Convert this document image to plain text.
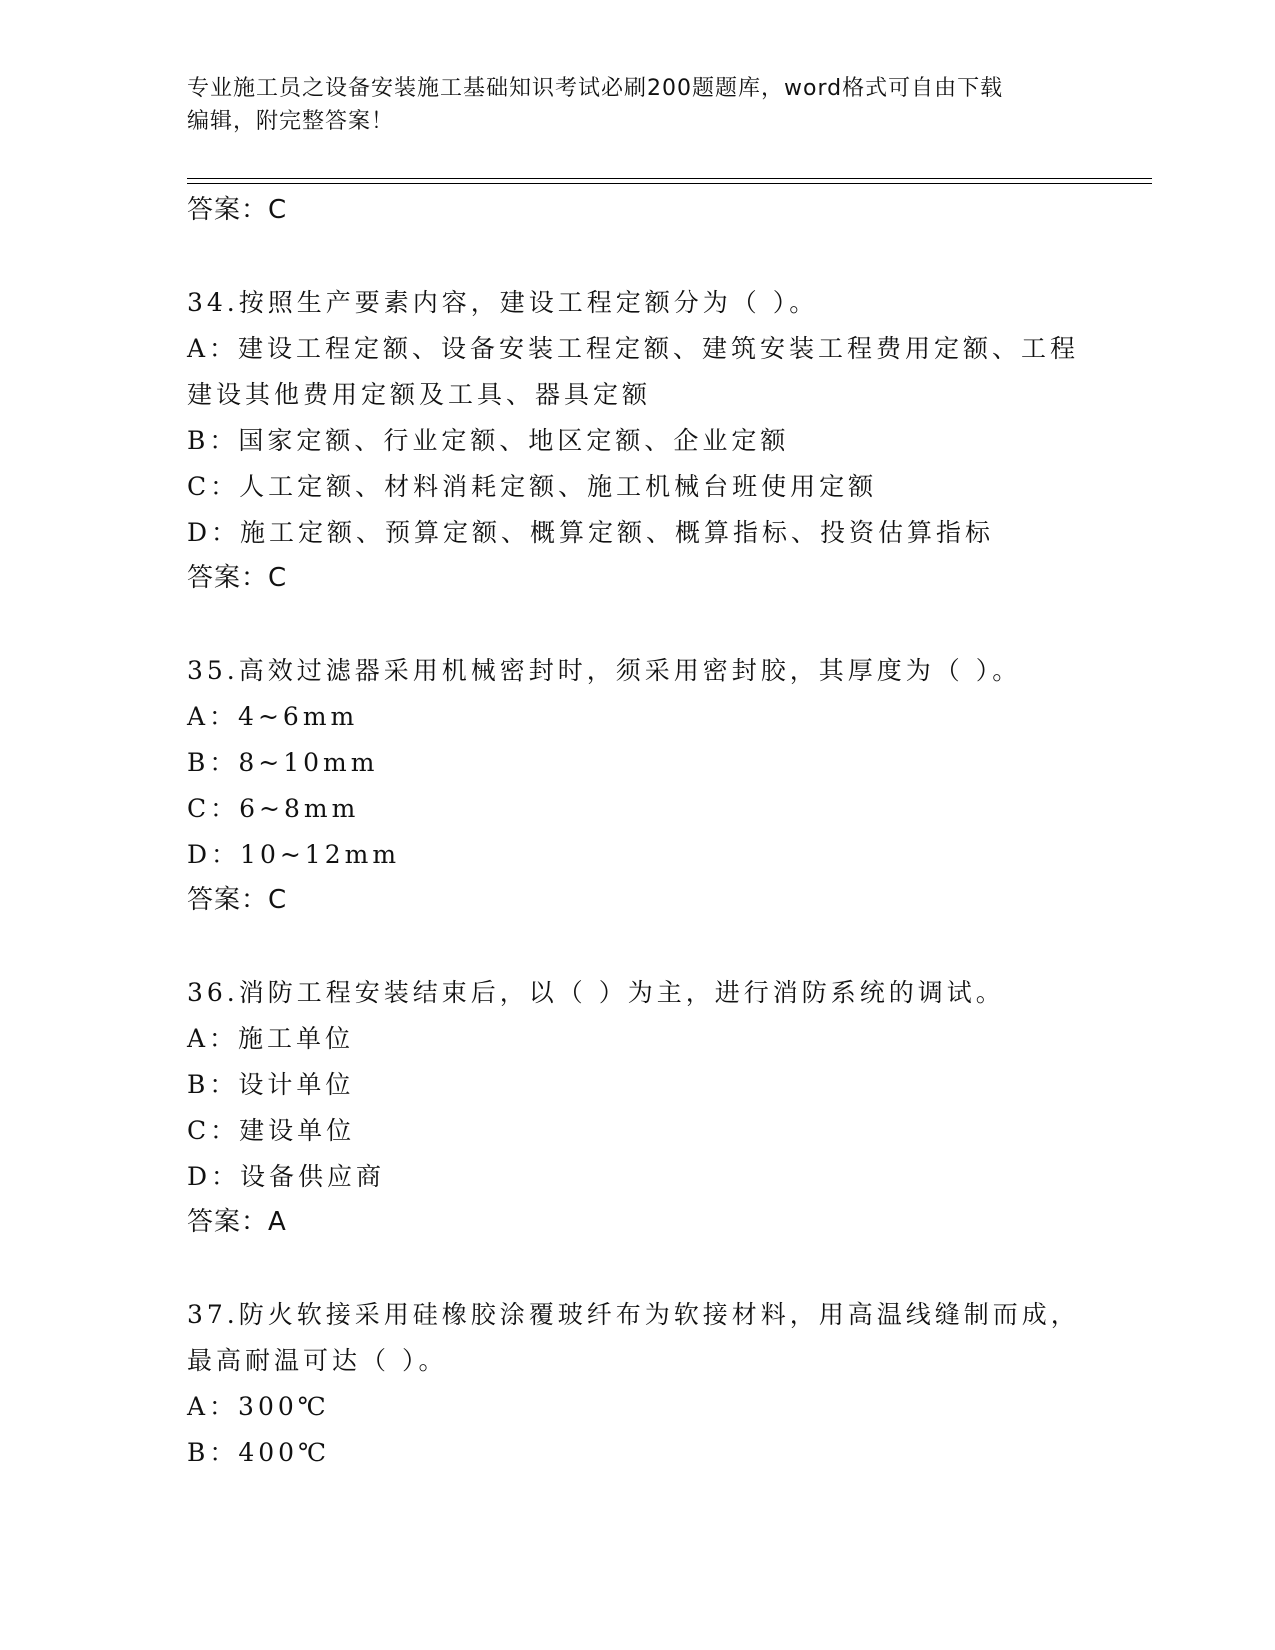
专业施工员之设备安装施工基础知识考试必刷200题题库，word格式可自由下载
编辑，附完整答案！
答案：C
34.按照生产要素内容，建设工程定额分为（ ）。
A：建设工程定额、设备安装工程定额、建筑安装工程费用定额、工程
建设其他费用定额及工具、器具定额
B：国家定额、行业定额、地区定额、企业定额
C：人工定额、材料消耗定额、施工机械台班使用定额
D：施工定额、预算定额、概算定额、概算指标、投资估算指标
答案：C
35.高效过滤器采用机械密封时，须采用密封胶，其厚度为（ ）。
A：4~6mm
B：8~10mm
C：6~8mm
D：10~12mm
答案：C
36.消防工程安装结束后，以（ ）为主，进行消防系统的调试。
A：施工单位
B：设计单位
C：建设单位
D：设备供应商
答案：A
37.防火软接采用硅橡胶涂覆玻纤布为软接材料，用高温线缝制而成，
最高耐温可达（ ）。
A：300℃
B：400℃
